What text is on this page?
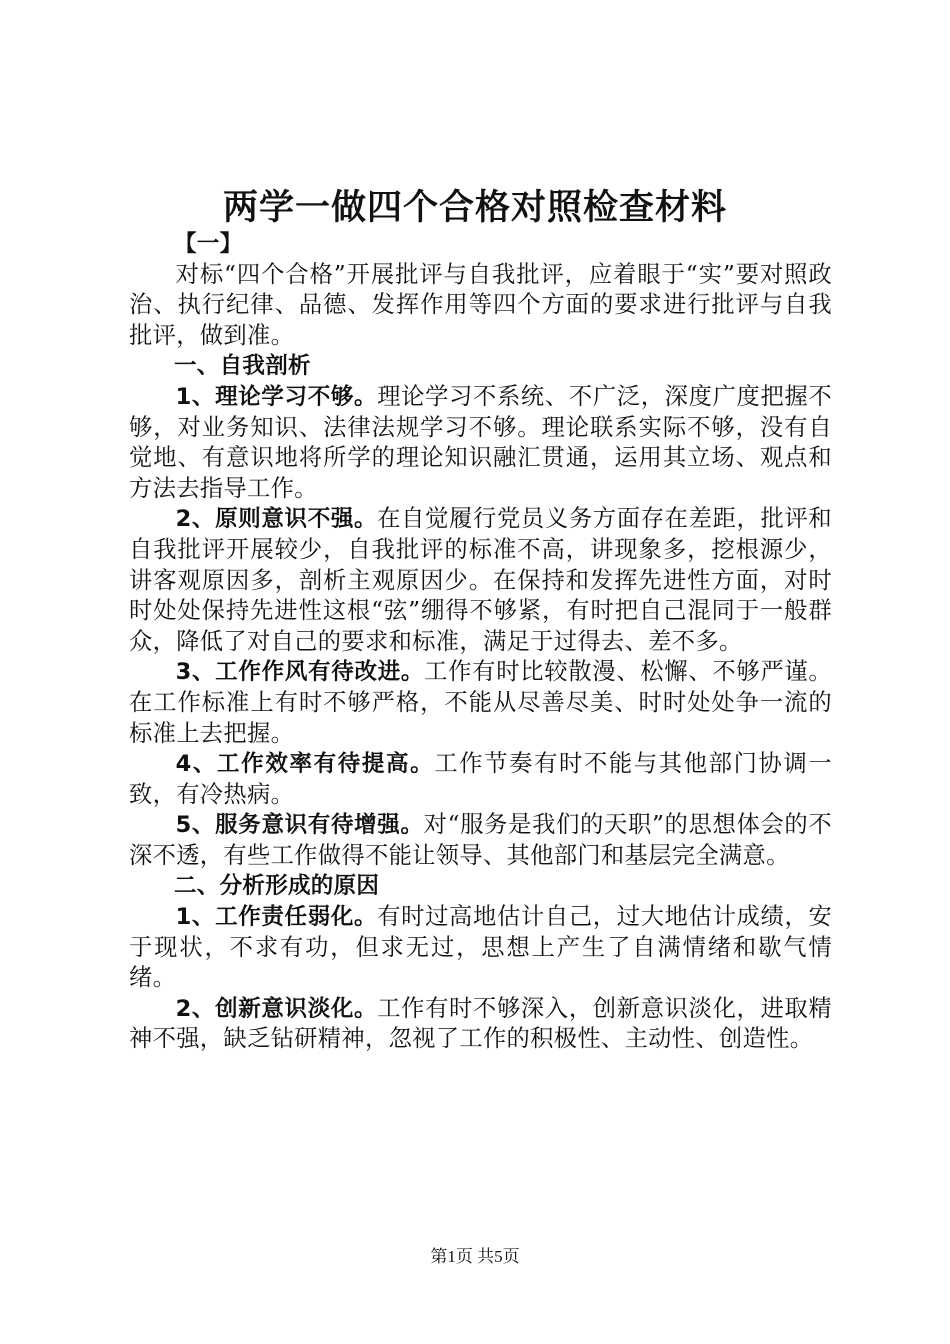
两学一做四个合格对照检查材料

【一】

对标“四个合格”开展批评与自我批评，应着眼于“实”要对照政治、执行纪律、品德、发挥作用等四个方面的要求进行批评与自我批评，做到准。

一、自我剖析

1、理论学习不够。理论学习不系统、不广泛，深度广度把握不够，对业务知识、法律法规学习不够。理论联系实际不够，没有自觉地、有意识地将所学的理论知识融汇贯通，运用其立场、观点和方法去指导工作。

2、原则意识不强。在自觉履行党员义务方面存在差距，批评和自我批评开展较少，自我批评的标准不高，讲现象多，挖根源少，讲客观原因多，剖析主观原因少。在保持和发挥先进性方面，对时时处处保持先进性这根“弦”绷得不够紧，有时把自己混同于一般群众，降低了对自己的要求和标准，满足于过得去、差不多。

3、工作作风有待改进。工作有时比较散漫、松懈、不够严谨。在工作标准上有时不够严格，不能从尽善尽美、时时处处争一流的标准上去把握。

4、工作效率有待提高。工作节奏有时不能与其他部门协调一致，有冷热病。

5、服务意识有待增强。对“服务是我们的天职”的思想体会的不深不透，有些工作做得不能让领导、其他部门和基层完全满意。

二、分析形成的原因

1、工作责任弱化。有时过高地估计自己，过大地估计成绩，安于现状，不求有功，但求无过，思想上产生了自满情绪和歇气情绪。

2、创新意识淡化。工作有时不够深入，创新意识淡化，进取精神不强，缺乏钻研精神，忽视了工作的积极性、主动性、创造性。

第1页 共5页
